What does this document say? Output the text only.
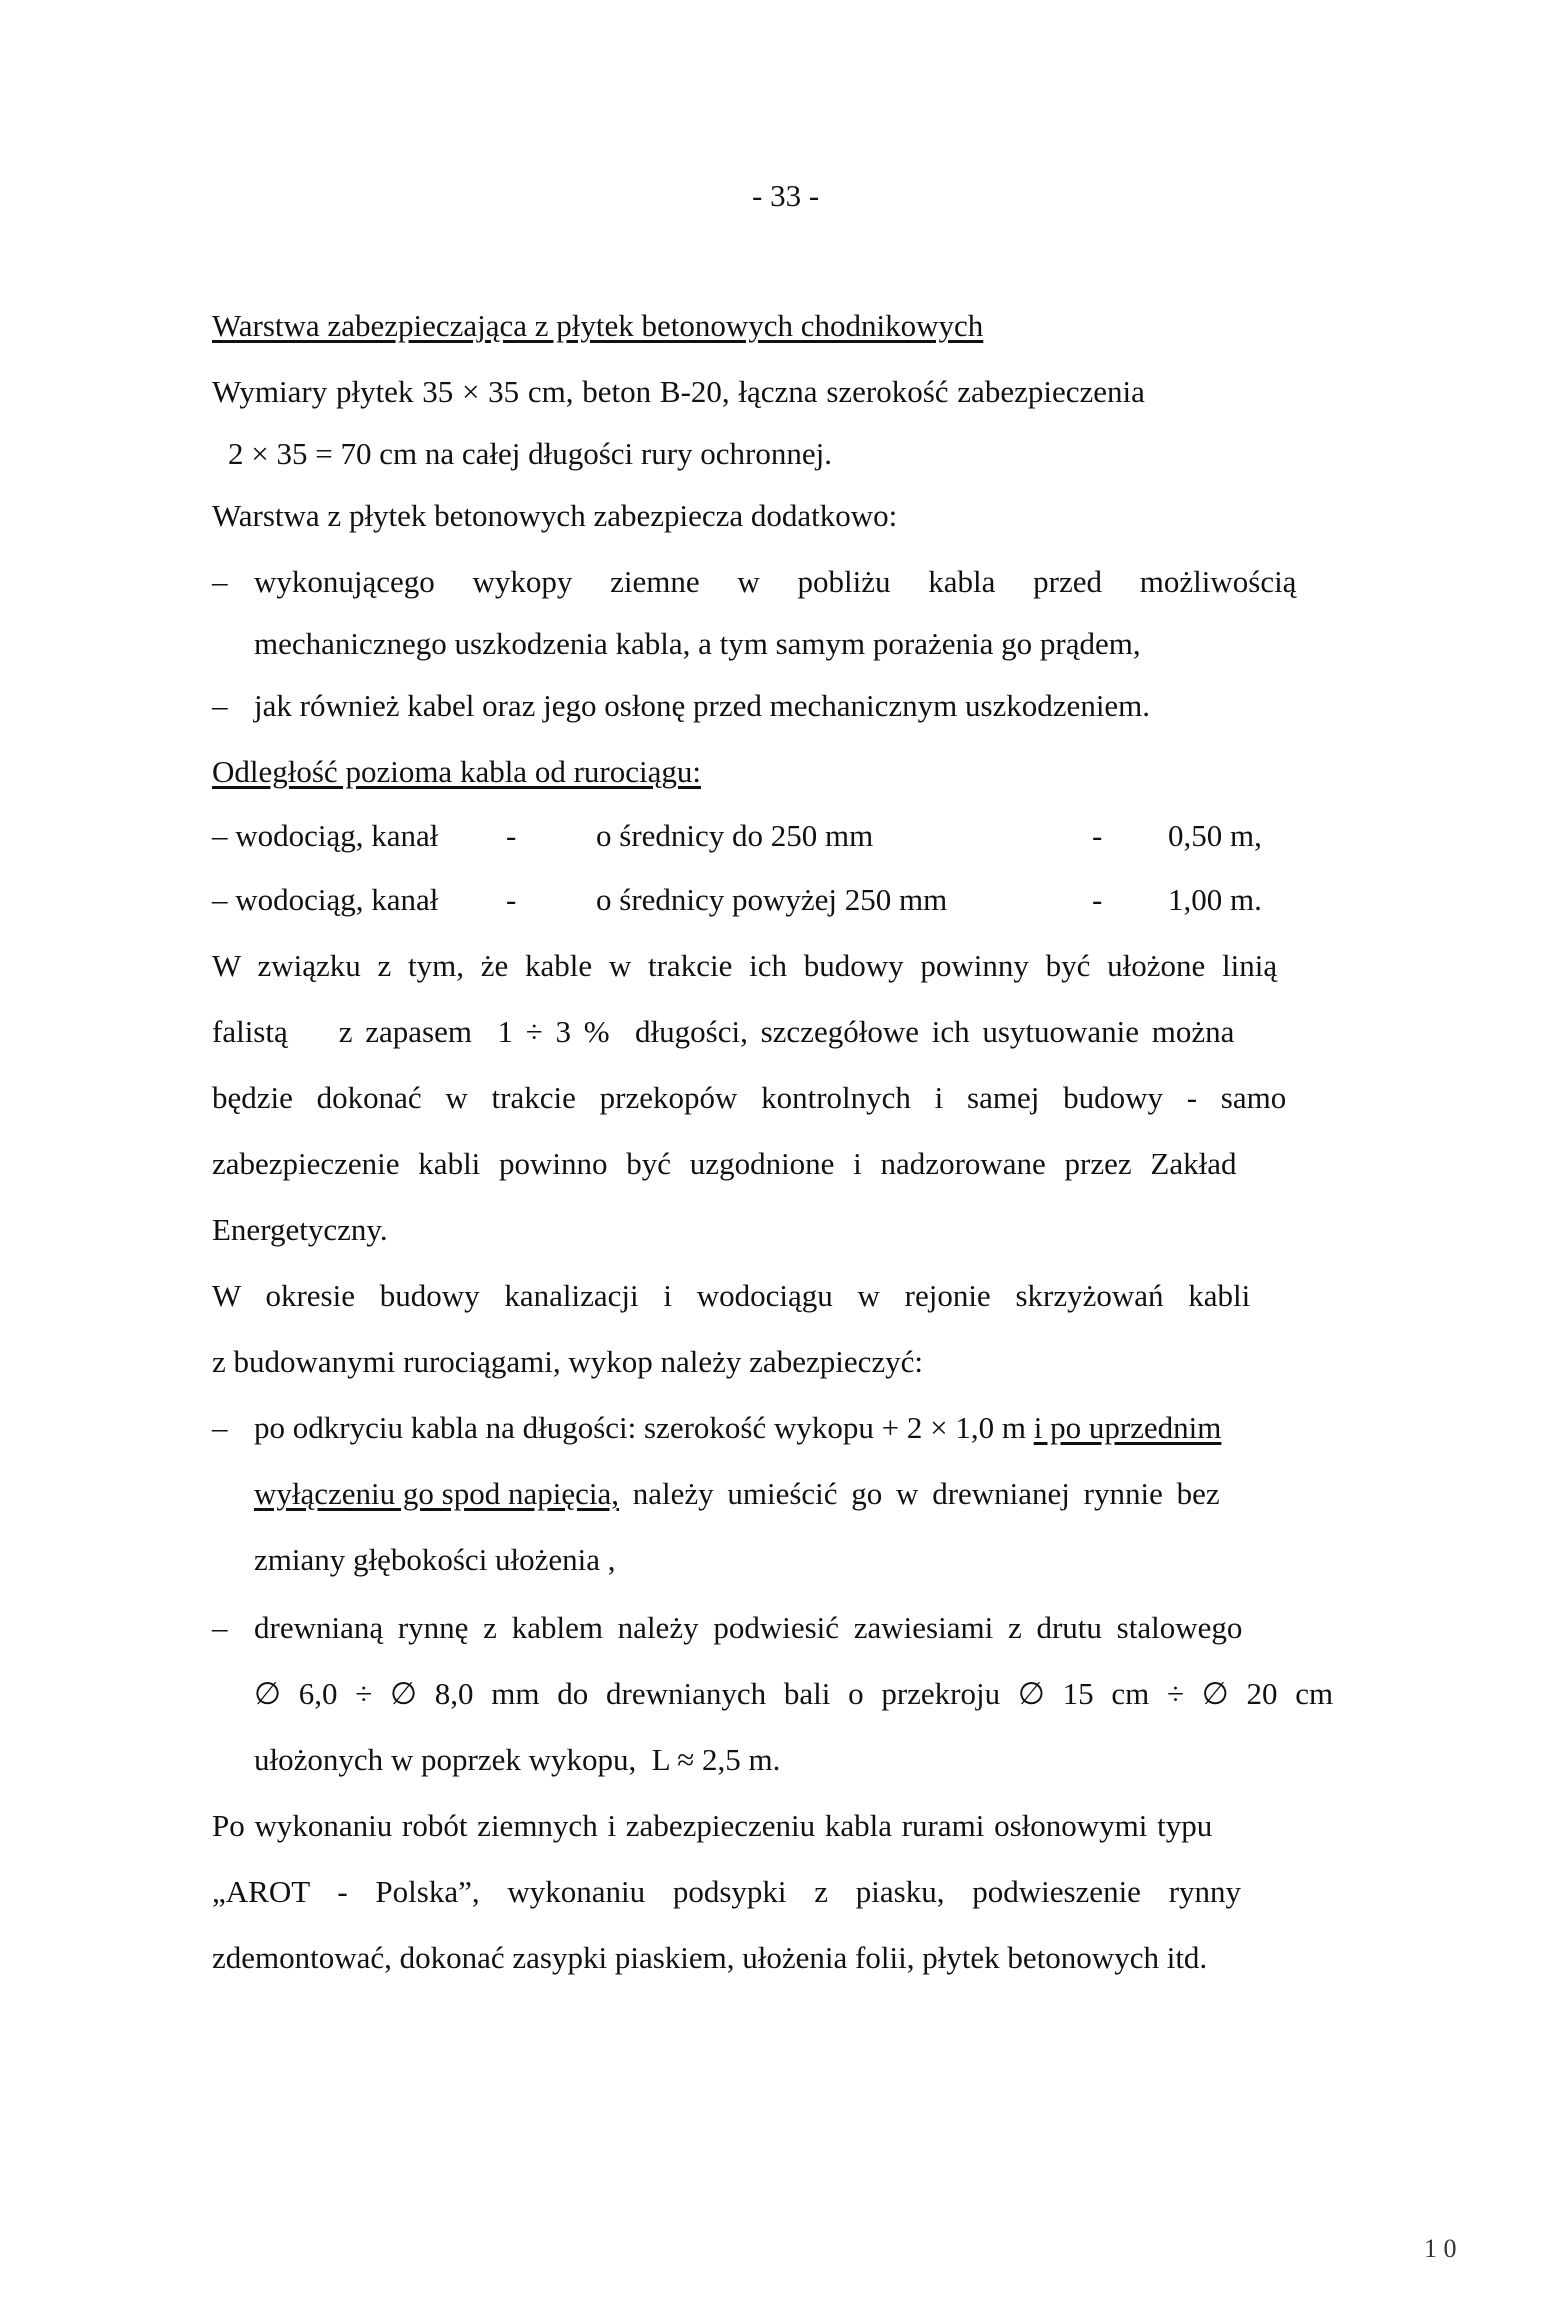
- 33 -
Warstwa zabezpieczająca z płytek betonowych chodnikowych
Wymiary płytek 35 × 35 cm, beton B-20, łączna szerokość zabezpieczenia
2 × 35 = 70 cm na całej długości rury ochronnej.
Warstwa z płytek betonowych zabezpiecza dodatkowo:
– wykonującego wykopy ziemne w pobliżu kabla przed możliwością
mechanicznego uszkodzenia kabla, a tym samym porażenia go prądem,
– jak również kabel oraz jego osłonę przed mechanicznym uszkodzeniem.
Odległość pozioma kabla od rurociągu:
– wodociąg, kanał -	o średnicy do 250 mm	- 0,50 m,
– wodociąg, kanał -	o średnicy powyżej 250 mm	- 1,00 m.
W związku z tym, że kable w trakcie ich budowy powinny być ułożone linią
falistą    z zapasem  1 ÷ 3 %  długości, szczegółowe ich usytuowanie można
będzie dokonać w trakcie przekopów kontrolnych i samej budowy - samo
zabezpieczenie kabli powinno być uzgodnione i nadzorowane przez Zakład
Energetyczny.
W okresie budowy kanalizacji i wodociągu w rejonie skrzyżowań kabli
z budowanymi rurociągami, wykop należy zabezpieczyć:
– po odkryciu kabla na długości: szerokość wykopu + 2 × 1,0 m i po uprzednim
wyłączeniu go spod napięcia, należy umieścić go w drewnianej rynnie bez
zmiany głębokości ułożenia ,
– drewnianą rynnę z kablem należy podwiesić zawiesiami z drutu stalowego
∅ 6,0 ÷ ∅ 8,0 mm do drewnianych bali o przekroju ∅ 15 cm ÷ ∅ 20 cm
ułożonych w poprzek wykopu,  L ≈ 2,5 m.
Po wykonaniu robót ziemnych i zabezpieczeniu kabla rurami osłonowymi typu
„AROT - Polska”, wykonaniu podsypki z piasku, podwieszenie rynny
zdemontować, dokonać zasypki piaskiem, ułożenia folii, płytek betonowych itd.
1 0
